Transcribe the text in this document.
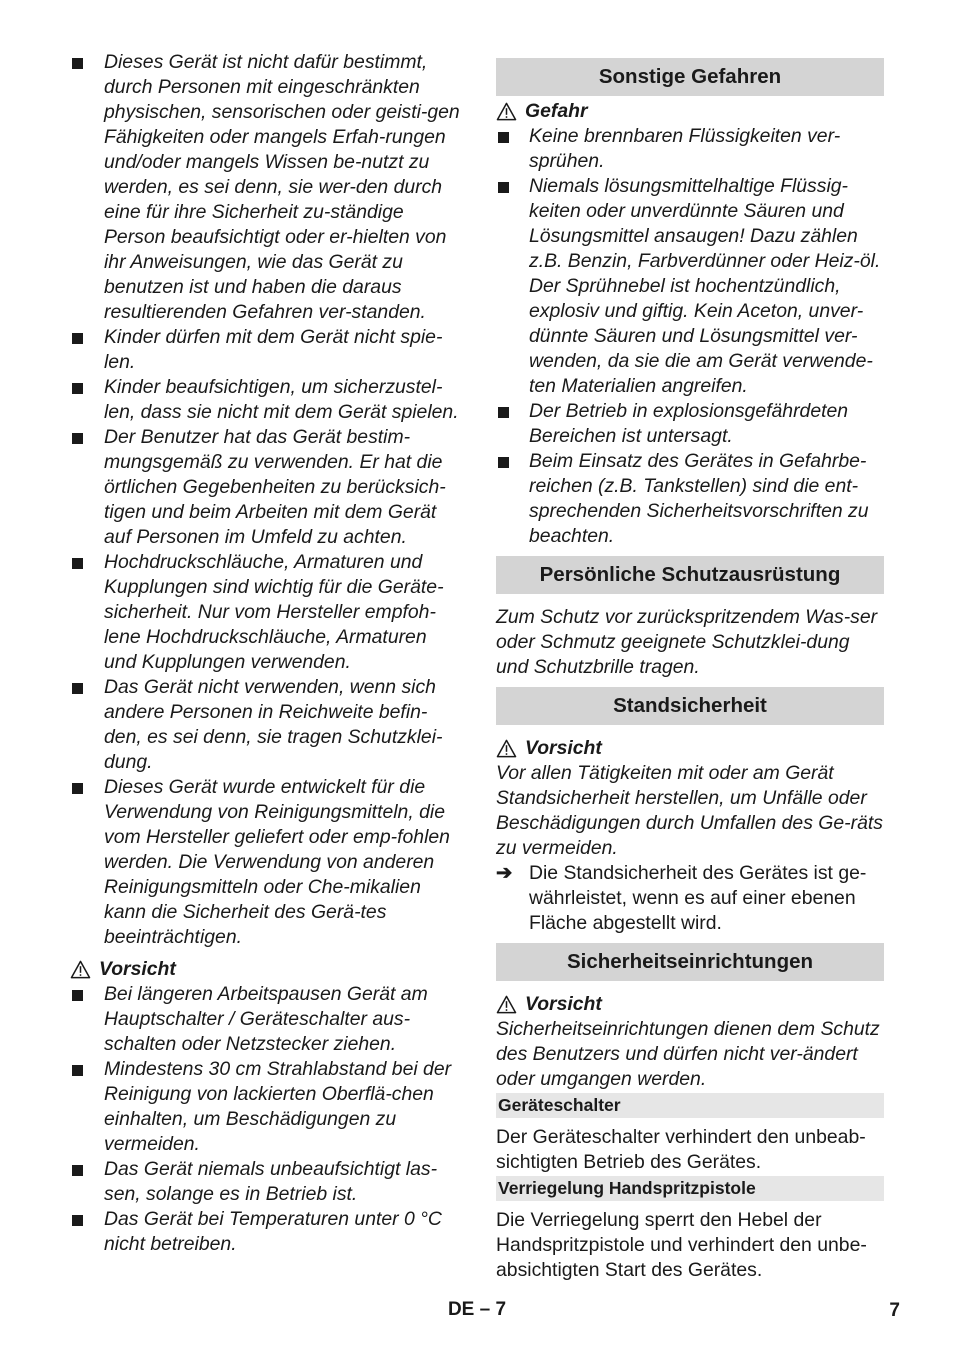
Dieses Gerät ist nicht dafür bestimmt, durch Personen mit eingeschränkten physischen, sensorischen oder geisti-gen Fähigkeiten oder mangels Erfah-rungen und/oder mangels Wissen be-nutzt zu werden, es sei denn, sie wer-den durch eine für ihre Sicherheit zu-ständige Person beaufsichtigt oder er-hielten von ihr Anweisungen, wie das Gerät zu benutzen ist und haben die daraus resultierenden Gefahren ver-standen.
Kinder dürfen mit dem Gerät nicht spie-len.
Kinder beaufsichtigen, um sicherzustel-len, dass sie nicht mit dem Gerät spielen.
Der Benutzer hat das Gerät bestim-mungsgemäß zu verwenden. Er hat die örtlichen Gegebenheiten zu berücksich-tigen und beim Arbeiten mit dem Gerät auf Personen im Umfeld zu achten.
Hochdruckschläuche, Armaturen und Kupplungen sind wichtig für die Geräte-sicherheit. Nur vom Hersteller empfoh-lene Hochdruckschläuche, Armaturen und Kupplungen verwenden.
Das Gerät nicht verwenden, wenn sich andere Personen in Reichweite befin-den, es sei denn, sie tragen Schutzklei-dung.
Dieses Gerät wurde entwickelt für die Verwendung von Reinigungsmitteln, die vom Hersteller geliefert oder emp-fohlen werden. Die Verwendung von anderen Reinigungsmitteln oder Che-mikalien kann die Sicherheit des Gerä-tes beeinträchtigen.
Vorsicht
Bei längeren Arbeitspausen Gerät am Hauptschalter / Geräteschalter aus-schalten oder Netzstecker ziehen.
Mindestens 30 cm Strahlabstand bei der Reinigung von lackierten Oberflä-chen einhalten, um Beschädigungen zu vermeiden.
Das Gerät niemals unbeaufsichtigt las-sen, solange es in Betrieb ist.
Das Gerät bei Temperaturen unter 0 °C nicht betreiben.
Sonstige Gefahren
Gefahr
Keine brennbaren Flüssigkeiten ver-sprühen.
Niemals lösungsmittelhaltige Flüssig-keiten oder unverdünnte Säuren und Lösungsmittel ansaugen! Dazu zählen z.B. Benzin, Farbverdünner oder Heiz-öl. Der Sprühnebel ist hochentzündlich, explosiv und giftig. Kein Aceton, unver-dünnte Säuren und Lösungsmittel ver-wenden, da sie die am Gerät verwende-ten Materialien angreifen.
Der Betrieb in explosionsgefährdeten Bereichen ist untersagt.
Beim Einsatz des Gerätes in Gefahrbe-reichen (z.B. Tankstellen) sind die ent-sprechenden Sicherheitsvorschriften zu beachten.
Persönliche Schutzausrüstung
Zum Schutz vor zurückspritzendem Was-ser oder Schmutz geeignete Schutzklei-dung und Schutzbrille tragen.
Standsicherheit
Vorsicht
Vor allen Tätigkeiten mit oder am Gerät Standsicherheit herstellen, um Unfälle oder Beschädigungen durch Umfallen des Ge-räts zu vermeiden.
➔ Die Standsicherheit des Gerätes ist ge-währleistet, wenn es auf einer ebenen Fläche abgestellt wird.
Sicherheitseinrichtungen
Vorsicht
Sicherheitseinrichtungen dienen dem Schutz des Benutzers und dürfen nicht ver-ändert oder umgangen werden.
Geräteschalter
Der Geräteschalter verhindert den unbeab-sichtigten Betrieb des Gerätes.
Verriegelung Handspritzpistole
Die Verriegelung sperrt den Hebel der Handspritzpistole und verhindert den unbe-absichtigten Start des Gerätes.
DE – 7	7
